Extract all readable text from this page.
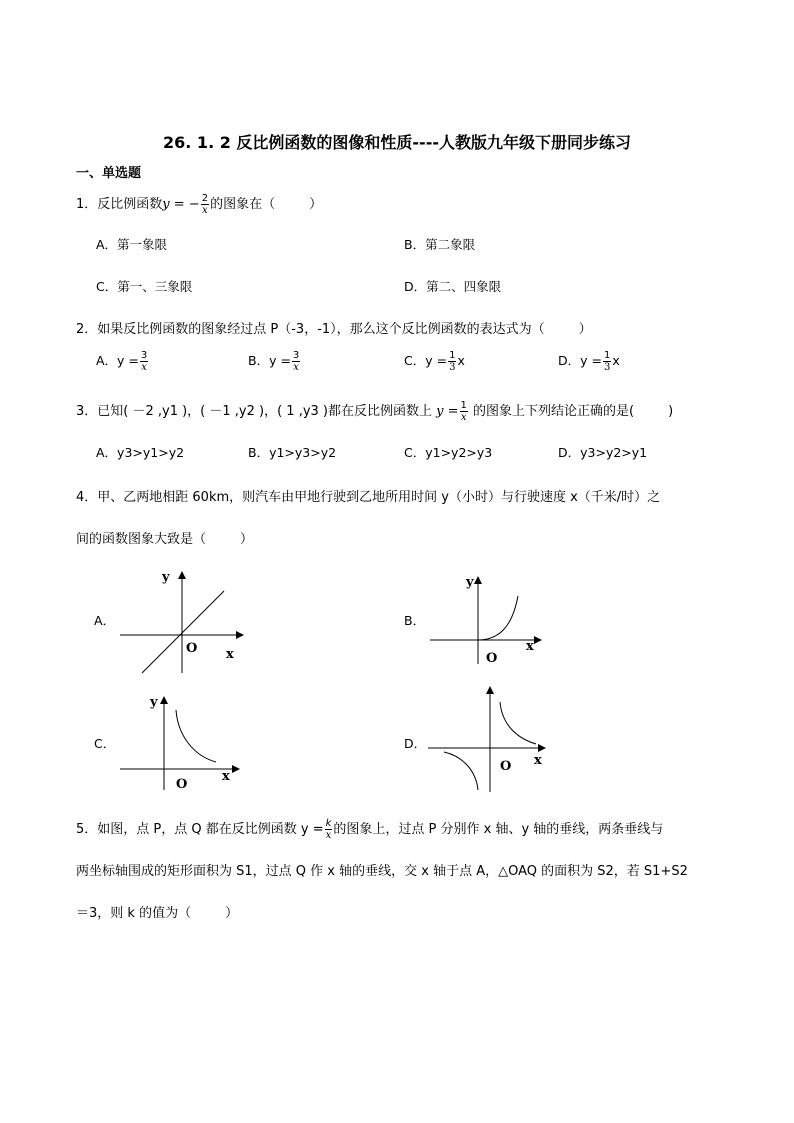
26. 1. 2 反比例函数的图像和性质----人教版九年级下册同步练习
一、单选题
1．反比例函数y = − $\frac{2}{x}$ 的图象在（	）
A．第一象限	B．第二象限
C．第一、三象限	D．第二、四象限
2．如果反比例函数的图象经过点 P（-3，-1），那么这个反比例函数的表达式为（	）
A．$y = \frac{3}{x}$	B．$y = \frac{3}{x}$	C．$y = \frac{1}{3}$ x	D．$y = \frac{1}{3}$ x
3．已知( －2 ,y1 )，( －1 ,y2 )，( 1 ,y3 )都在反比例函数上 $y = \frac{1}{x}$ 的图象上下列结论正确的是(	)
A．y3>y1>y2	B．y1>y3>y2	C．y1>y2>y3	D．y3>y2>y1
4．甲、乙两地相距 60km，则汽车由甲地行驶到乙地所用时间 y（小时）与行驶速度 x（千米/时）之
间的函数图象大致是（	）
A．
y
x
O
B．
y
x
O
C．
y
x
O
D．
x
O
5．如图，点 P，点 Q 都在反比例函数 $y = \frac{k}{x}$ 的图象上，过点 P 分别作 x 轴、y 轴的垂线，两条垂线与
两坐标轴围成的矩形面积为 S1，过点 Q 作 x 轴的垂线，交 x 轴于点 A，△OAQ 的面积为 S2，若 S1+S2
＝3，则 k 的值为（	）
